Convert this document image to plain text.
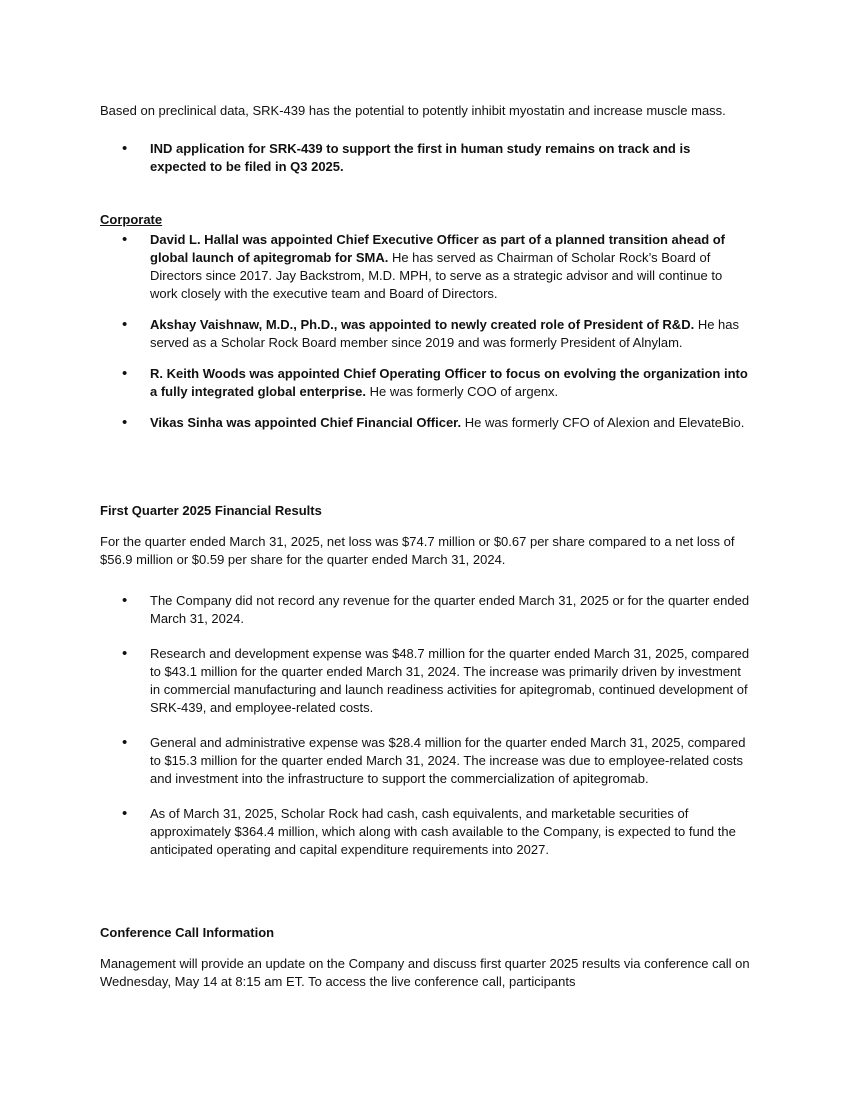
Based on preclinical data, SRK-439 has the potential to potently inhibit myostatin and increase muscle mass.

• IND application for SRK-439 to support the first in human study remains on track and is expected to be filed in Q3 2025.

Corporate

• David L. Hallal was appointed Chief Executive Officer as part of a planned transition ahead of global launch of apitegromab for SMA. He has served as Chairman of Scholar Rock’s Board of Directors since 2017. Jay Backstrom, M.D. MPH, to serve as a strategic advisor and will continue to work closely with the executive team and Board of Directors.
• Akshay Vaishnaw, M.D., Ph.D., was appointed to newly created role of President of R&D. He has served as a Scholar Rock Board member since 2019 and was formerly President of Alnylam.
• R. Keith Woods was appointed Chief Operating Officer to focus on evolving the organization into a fully integrated global enterprise. He was formerly COO of argenx.
• Vikas Sinha was appointed Chief Financial Officer. He was formerly CFO of Alexion and ElevateBio.

First Quarter 2025 Financial Results

For the quarter ended March 31, 2025, net loss was $74.7 million or $0.67 per share compared to a net loss of $56.9 million or $0.59 per share for the quarter ended March 31, 2024.

• The Company did not record any revenue for the quarter ended March 31, 2025 or for the quarter ended March 31, 2024.
• Research and development expense was $48.7 million for the quarter ended March 31, 2025, compared to $43.1 million for the quarter ended March 31, 2024. The increase was primarily driven by investment in commercial manufacturing and launch readiness activities for apitegromab, continued development of SRK-439, and employee-related costs.
• General and administrative expense was $28.4 million for the quarter ended March 31, 2025, compared to $15.3 million for the quarter ended March 31, 2024. The increase was due to employee-related costs and investment into the infrastructure to support the commercialization of apitegromab.
• As of March 31, 2025, Scholar Rock had cash, cash equivalents, and marketable securities of approximately $364.4 million, which along with cash available to the Company, is expected to fund the anticipated operating and capital expenditure requirements into 2027.

Conference Call Information

Management will provide an update on the Company and discuss first quarter 2025 results via conference call on Wednesday, May 14 at 8:15 am ET. To access the live conference call, participants
